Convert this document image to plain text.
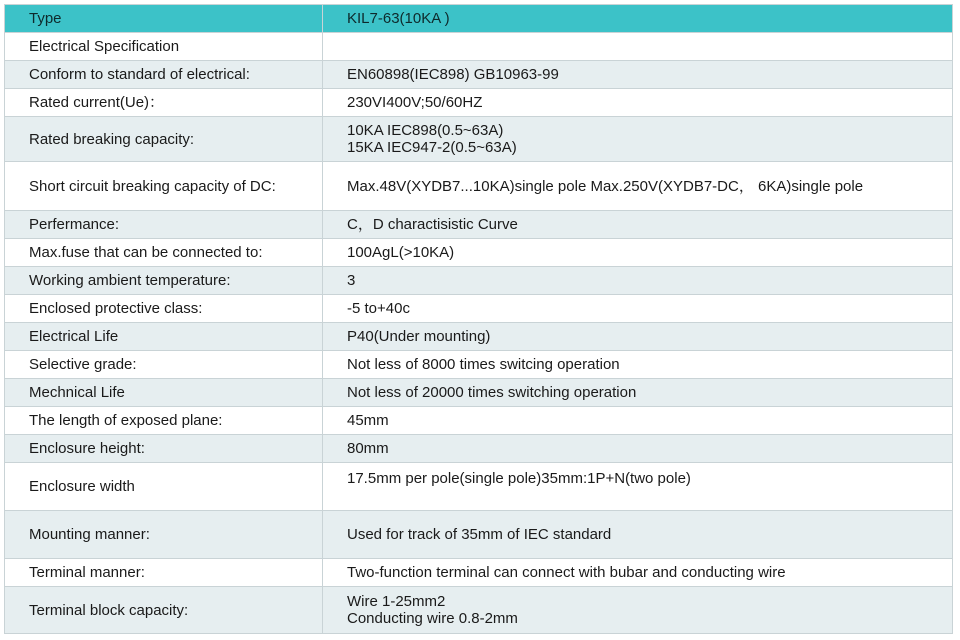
Type	KIL7-63(10KA )

Electrical Specification	

Conform to standard of electrical:	EN60898(IEC898) GB10963-99

Rated current(Ue)：	230VI400V;50/60HZ

Rated breaking capacity:	10KA IEC898(0.5~63A)
15KA IEC947-2(0.5~63A)

Short circuit breaking capacity of DC:	Max.48V(XYDB7...10KA)single pole Max.250V(XYDB7-DC， 6KA)single pole

Perfermance:	C，D charactisistic Curve

Max.fuse that can be connected to:	100AgL(>10KA)

Working ambient temperature:	3

Enclosed protective class:	-5 to+40c

Electrical Life	P40(Under mounting)

Selective grade:	Not less of 8000 times switcing operation

Mechnical Life	Not less of 20000 times switching operation

The length of exposed plane:	45mm

Enclosure height:	80mm

Enclosure width	17.5mm per pole(single pole)35mm:1P+N(two pole)

Mounting manner:	Used for track of 35mm of IEC standard

Terminal manner:	Two-function terminal can connect with bubar and conducting wire

Terminal block capacity:	Wire 1-25mm2
Conducting wire 0.8-2mm
